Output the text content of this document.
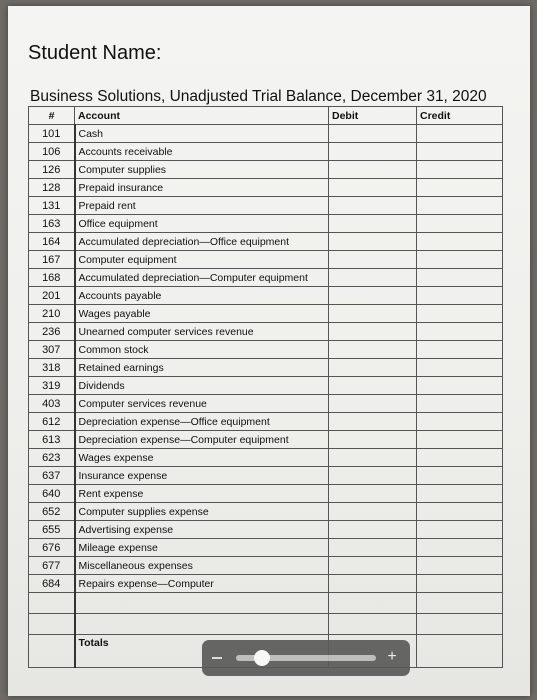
Student Name:
Business Solutions, Unadjusted Trial Balance, December 31, 2020
#	Account	Debit	Credit
101	Cash		
106	Accounts receivable		
126	Computer supplies		
128	Prepaid insurance		
131	Prepaid rent		
163	Office equipment		
164	Accumulated depreciation—Office equipment		
167	Computer equipment		
168	Accumulated depreciation—Computer equipment		
201	Accounts payable		
210	Wages payable		
236	Unearned computer services revenue		
307	Common stock		
318	Retained earnings		
319	Dividends		
403	Computer services revenue		
612	Depreciation expense—Office equipment		
613	Depreciation expense—Computer equipment		
623	Wages expense		
637	Insurance expense		
640	Rent expense		
652	Computer supplies expense		
655	Advertising expense		
676	Mileage expense		
677	Miscellaneous expenses		
684	Repairs expense—Computer		

	Totals		
+
